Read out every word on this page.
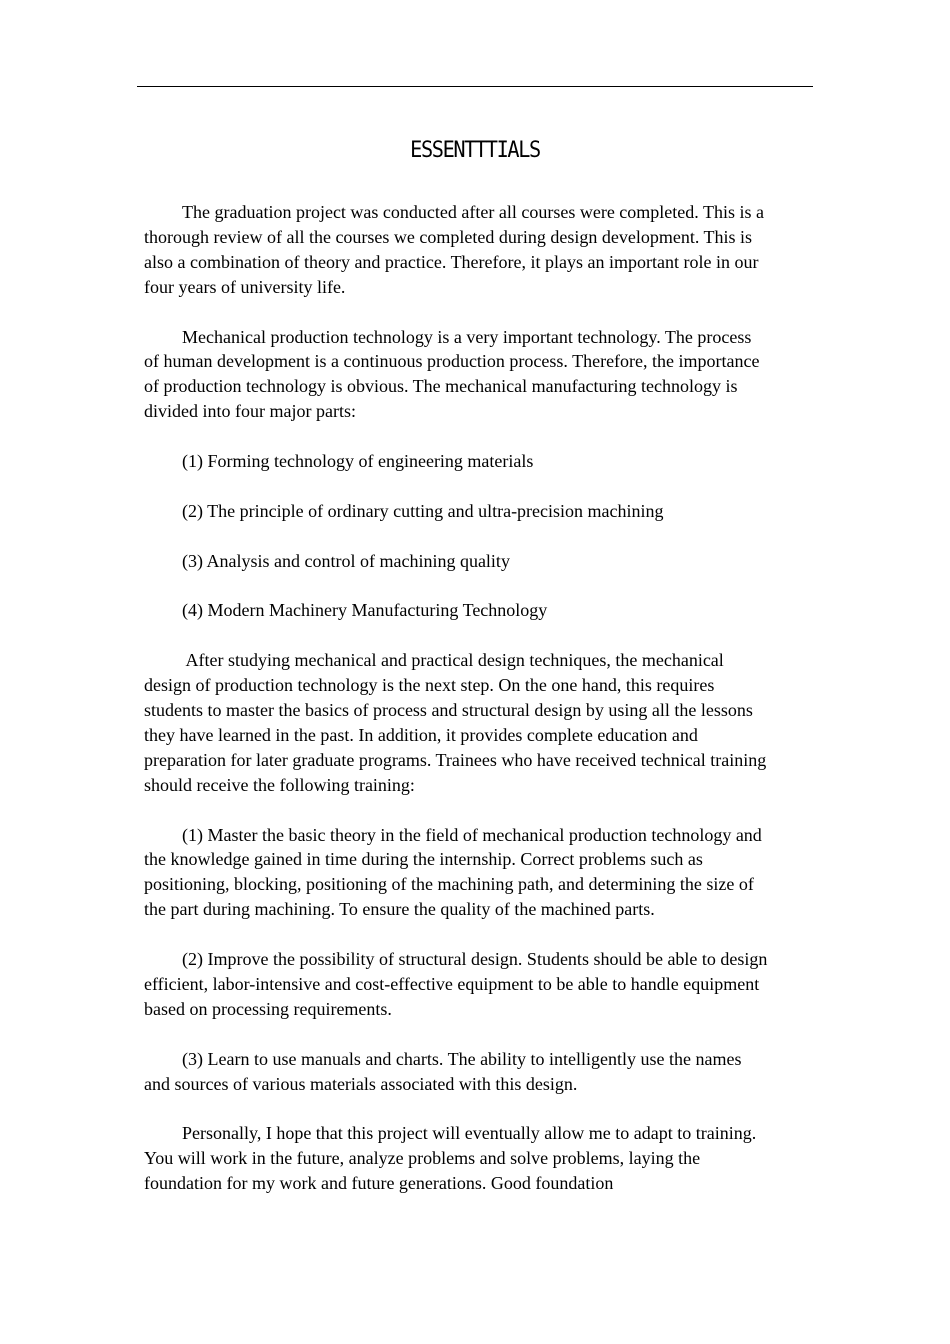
ESSENTTTIALS
The graduation project was conducted after all courses were completed. This is a
thorough review of all the courses we completed during design development. This is
also a combination of theory and practice. Therefore, it plays an important role in our
four years of university life.
Mechanical production technology is a very important technology. The process
of human development is a continuous production process. Therefore, the importance
of production technology is obvious. The mechanical manufacturing technology is
divided into four major parts:
(1) Forming technology of engineering materials
(2) The principle of ordinary cutting and ultra-precision machining
(3) Analysis and control of machining quality
(4) Modern Machinery Manufacturing Technology
After studying mechanical and practical design techniques, the mechanical
design of production technology is the next step. On the one hand, this requires
students to master the basics of process and structural design by using all the lessons
they have learned in the past. In addition, it provides complete education and
preparation for later graduate programs. Trainees who have received technical training
should receive the following training:
(1) Master the basic theory in the field of mechanical production technology and
the knowledge gained in time during the internship. Correct problems such as
positioning, blocking, positioning of the machining path, and determining the size of
the part during machining. To ensure the quality of the machined parts.
(2) Improve the possibility of structural design. Students should be able to design
efficient, labor-intensive and cost-effective equipment to be able to handle equipment
based on processing requirements.
(3) Learn to use manuals and charts. The ability to intelligently use the names
and sources of various materials associated with this design.
Personally, I hope that this project will eventually allow me to adapt to training.
You will work in the future, analyze problems and solve problems, laying the
foundation for my work and future generations. Good foundation
